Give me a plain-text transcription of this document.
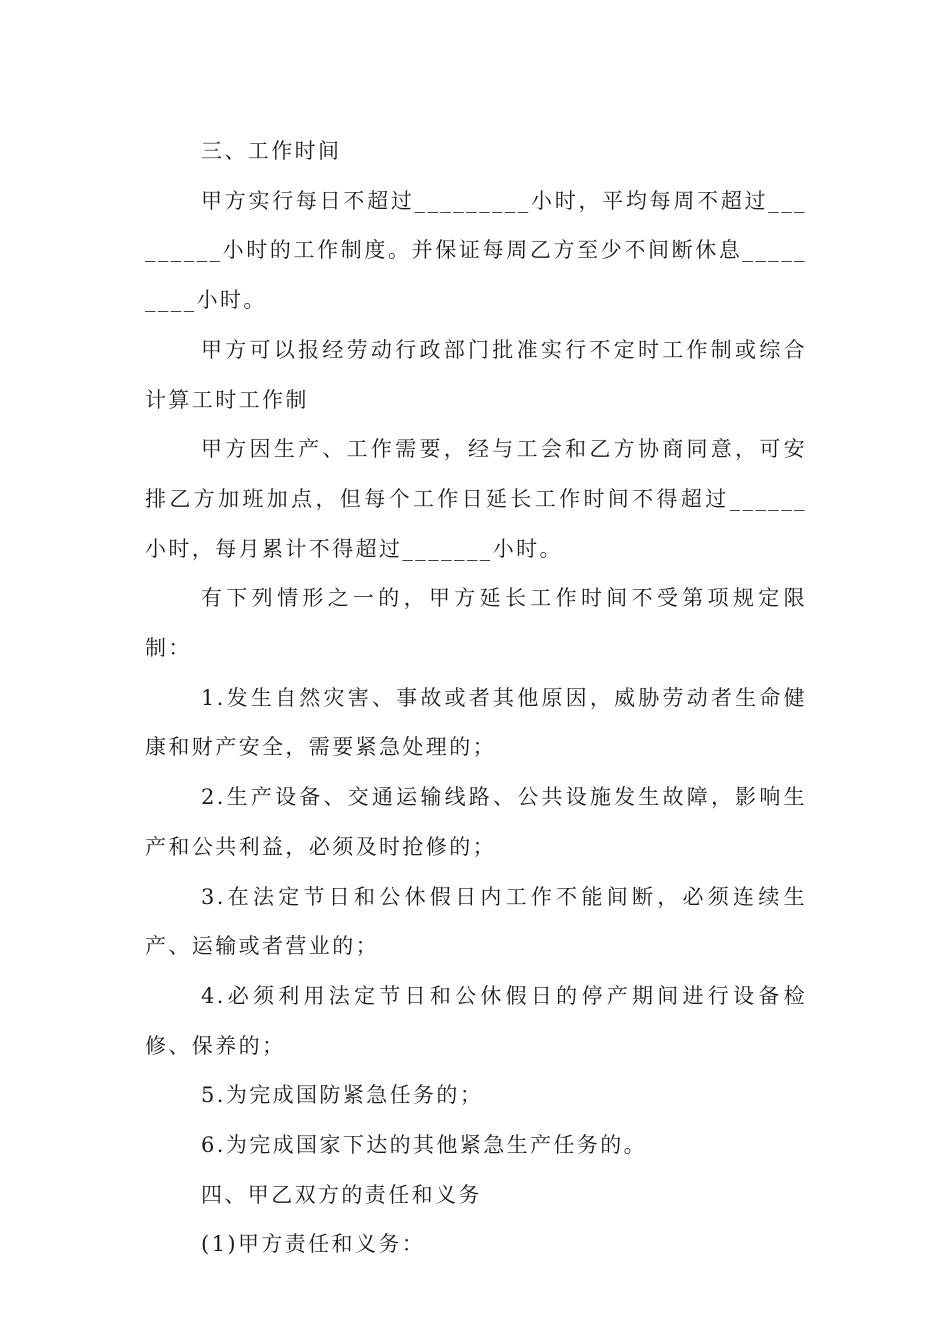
三、工作时间

甲方实行每日不超过_________小时，平均每周不超过_________小时的工作制度。并保证每周乙方至少不间断休息_________小时。

甲方可以报经劳动行政部门批准实行不定时工作制或综合计算工时工作制

甲方因生产、工作需要，经与工会和乙方协商同意，可安排乙方加班加点，但每个工作日延长工作时间不得超过______小时，每月累计不得超过_______小时。

有下列情形之一的，甲方延长工作时间不受第项规定限制：

1.发生自然灾害、事故或者其他原因，威胁劳动者生命健康和财产安全，需要紧急处理的；

2.生产设备、交通运输线路、公共设施发生故障，影响生产和公共利益，必须及时抢修的；

3.在法定节日和公休假日内工作不能间断，必须连续生产、运输或者营业的；

4.必须利用法定节日和公休假日的停产期间进行设备检修、保养的；

5.为完成国防紧急任务的；

6.为完成国家下达的其他紧急生产任务的。

四、甲乙双方的责任和义务

(1)甲方责任和义务：
